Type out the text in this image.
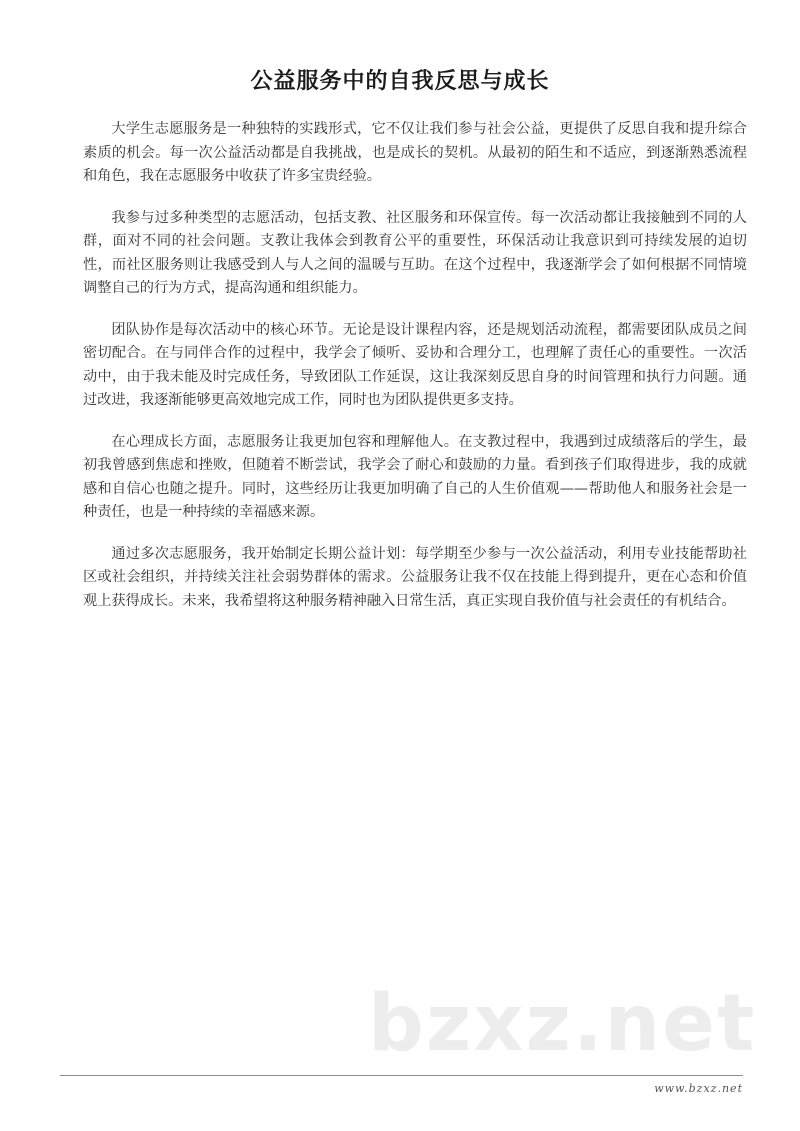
公益服务中的自我反思与成长

大学生志愿服务是一种独特的实践形式，它不仅让我们参与社会公益，更提供了反思自我和提升综合素质的机会。每一次公益活动都是自我挑战，也是成长的契机。从最初的陌生和不适应，到逐渐熟悉流程和角色，我在志愿服务中收获了许多宝贵经验。

我参与过多种类型的志愿活动，包括支教、社区服务和环保宣传。每一次活动都让我接触到不同的人群，面对不同的社会问题。支教让我体会到教育公平的重要性，环保活动让我意识到可持续发展的迫切性，而社区服务则让我感受到人与人之间的温暖与互助。在这个过程中，我逐渐学会了如何根据不同情境调整自己的行为方式，提高沟通和组织能力。

团队协作是每次活动中的核心环节。无论是设计课程内容，还是规划活动流程，都需要团队成员之间密切配合。在与同伴合作的过程中，我学会了倾听、妥协和合理分工，也理解了责任心的重要性。一次活动中，由于我未能及时完成任务，导致团队工作延误，这让我深刻反思自身的时间管理和执行力问题。通过改进，我逐渐能够更高效地完成工作，同时也为团队提供更多支持。

在心理成长方面，志愿服务让我更加包容和理解他人。在支教过程中，我遇到过成绩落后的学生，最初我曾感到焦虑和挫败，但随着不断尝试，我学会了耐心和鼓励的力量。看到孩子们取得进步，我的成就感和自信心也随之提升。同时，这些经历让我更加明确了自己的人生价值观——帮助他人和服务社会是一种责任，也是一种持续的幸福感来源。

通过多次志愿服务，我开始制定长期公益计划：每学期至少参与一次公益活动，利用专业技能帮助社区或社会组织，并持续关注社会弱势群体的需求。公益服务让我不仅在技能上得到提升，更在心态和价值观上获得成长。未来，我希望将这种服务精神融入日常生活，真正实现自我价值与社会责任的有机结合。

bzxz.net
www.bzxz.net
